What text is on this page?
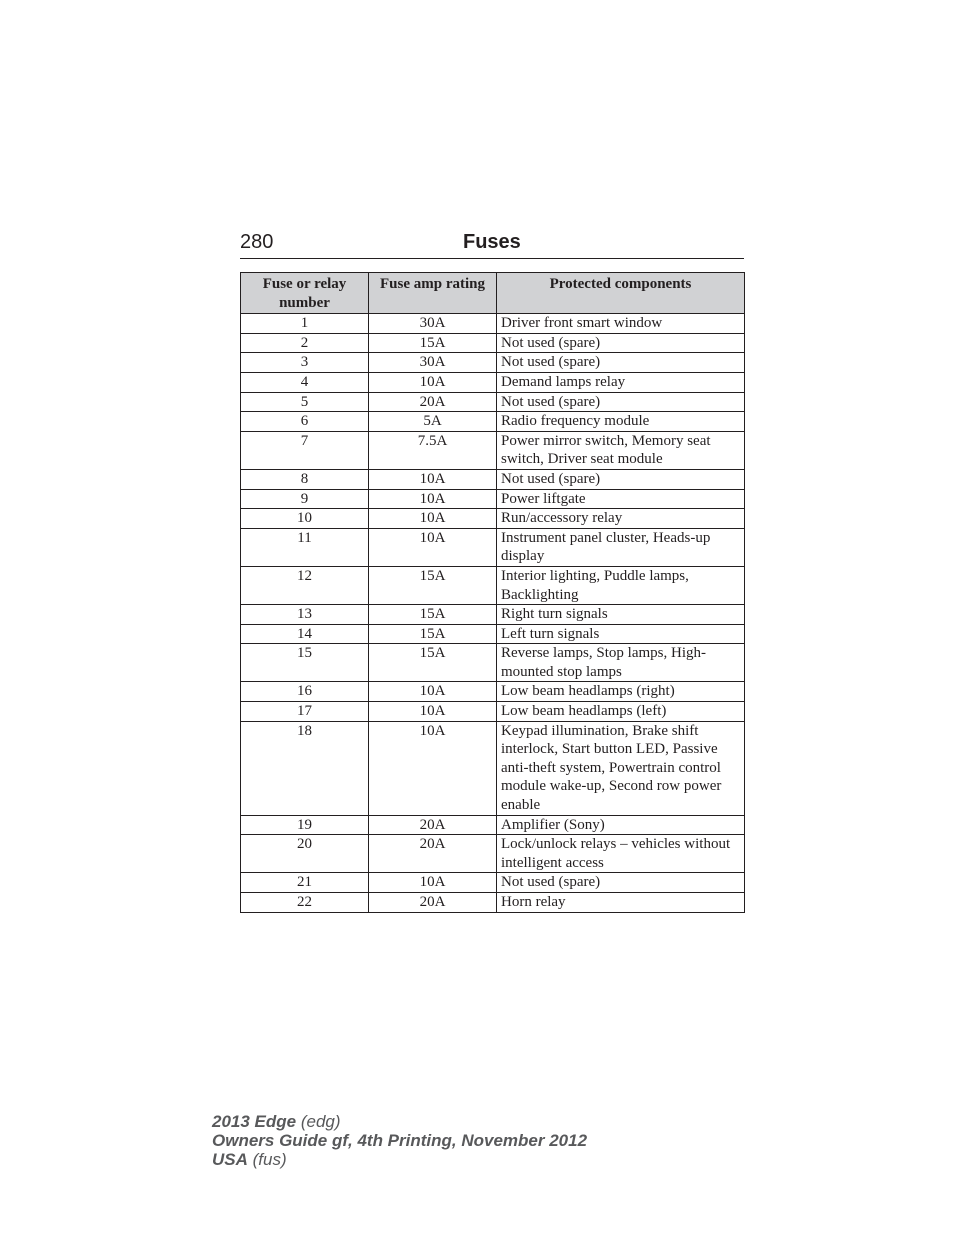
280	Fuses
Fuse or relay number	Fuse amp rating	Protected components
1	30A	Driver front smart window
2	15A	Not used (spare)
3	30A	Not used (spare)
4	10A	Demand lamps relay
5	20A	Not used (spare)
6	5A	Radio frequency module
7	7.5A	Power mirror switch, Memory seat switch, Driver seat module
8	10A	Not used (spare)
9	10A	Power liftgate
10	10A	Run/accessory relay
11	10A	Instrument panel cluster, Heads-up display
12	15A	Interior lighting, Puddle lamps, Backlighting
13	15A	Right turn signals
14	15A	Left turn signals
15	15A	Reverse lamps, Stop lamps, High-mounted stop lamps
16	10A	Low beam headlamps (right)
17	10A	Low beam headlamps (left)
18	10A	Keypad illumination, Brake shift interlock, Start button LED, Passive anti-theft system, Powertrain control module wake-up, Second row power enable
19	20A	Amplifier (Sony)
20	20A	Lock/unlock relays – vehicles without intelligent access
21	10A	Not used (spare)
22	20A	Horn relay
2013 Edge (edg)
Owners Guide gf, 4th Printing, November 2012
USA (fus)
